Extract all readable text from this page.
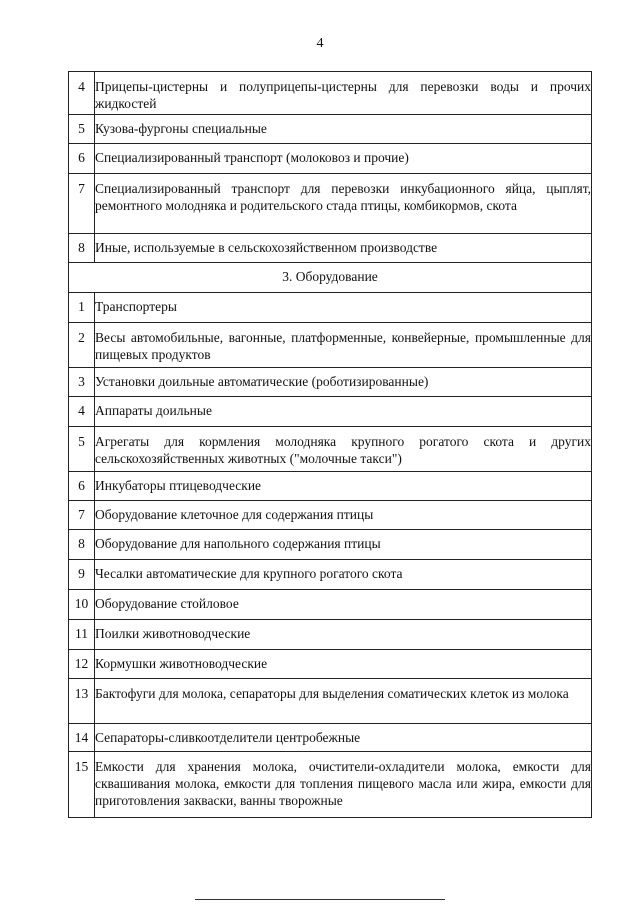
4
4	Прицепы-цистерны и полуприцепы-цистерны для перевозки воды и прочих жидкостей

5	Кузова-фургоны специальные

6	Специализированный транспорт (молоковоз и прочие)

7	Специализированный транспорт для перевозки инкубационного яйца, цыплят, ремонтного молодняка и родительского стада птицы, комбикормов, скота

8	Иные, используемые в сельскохозяйственном производстве

3. Оборудование	

1	Транспортеры

2	Весы автомобильные, вагонные, платформенные, конвейерные, промышленные для пищевых продуктов

3	Установки доильные автоматические (роботизированные)

4	Аппараты доильные

5	Агрегаты для кормления молодняка крупного рогатого скота и других сельскохозяйственных животных ("молочные такси")

6	Инкубаторы птицеводческие

7	Оборудование клеточное для содержания птицы

8	Оборудование для напольного содержания птицы

9	Чесалки автоматические для крупного рогатого скота

10	Оборудование стойловое

11	Поилки животноводческие

12	Кормушки животноводческие

13	Бактофуги для молока, сепараторы для выделения соматических клеток из молока

14	Сепараторы-сливкоотделители центробежные

15	Емкости для хранения молока, очистители-охладители молока, емкости для сквашивания молока, емкости для топления пищевого масла или жира, емкости для приготовления закваски, ванны творожные
